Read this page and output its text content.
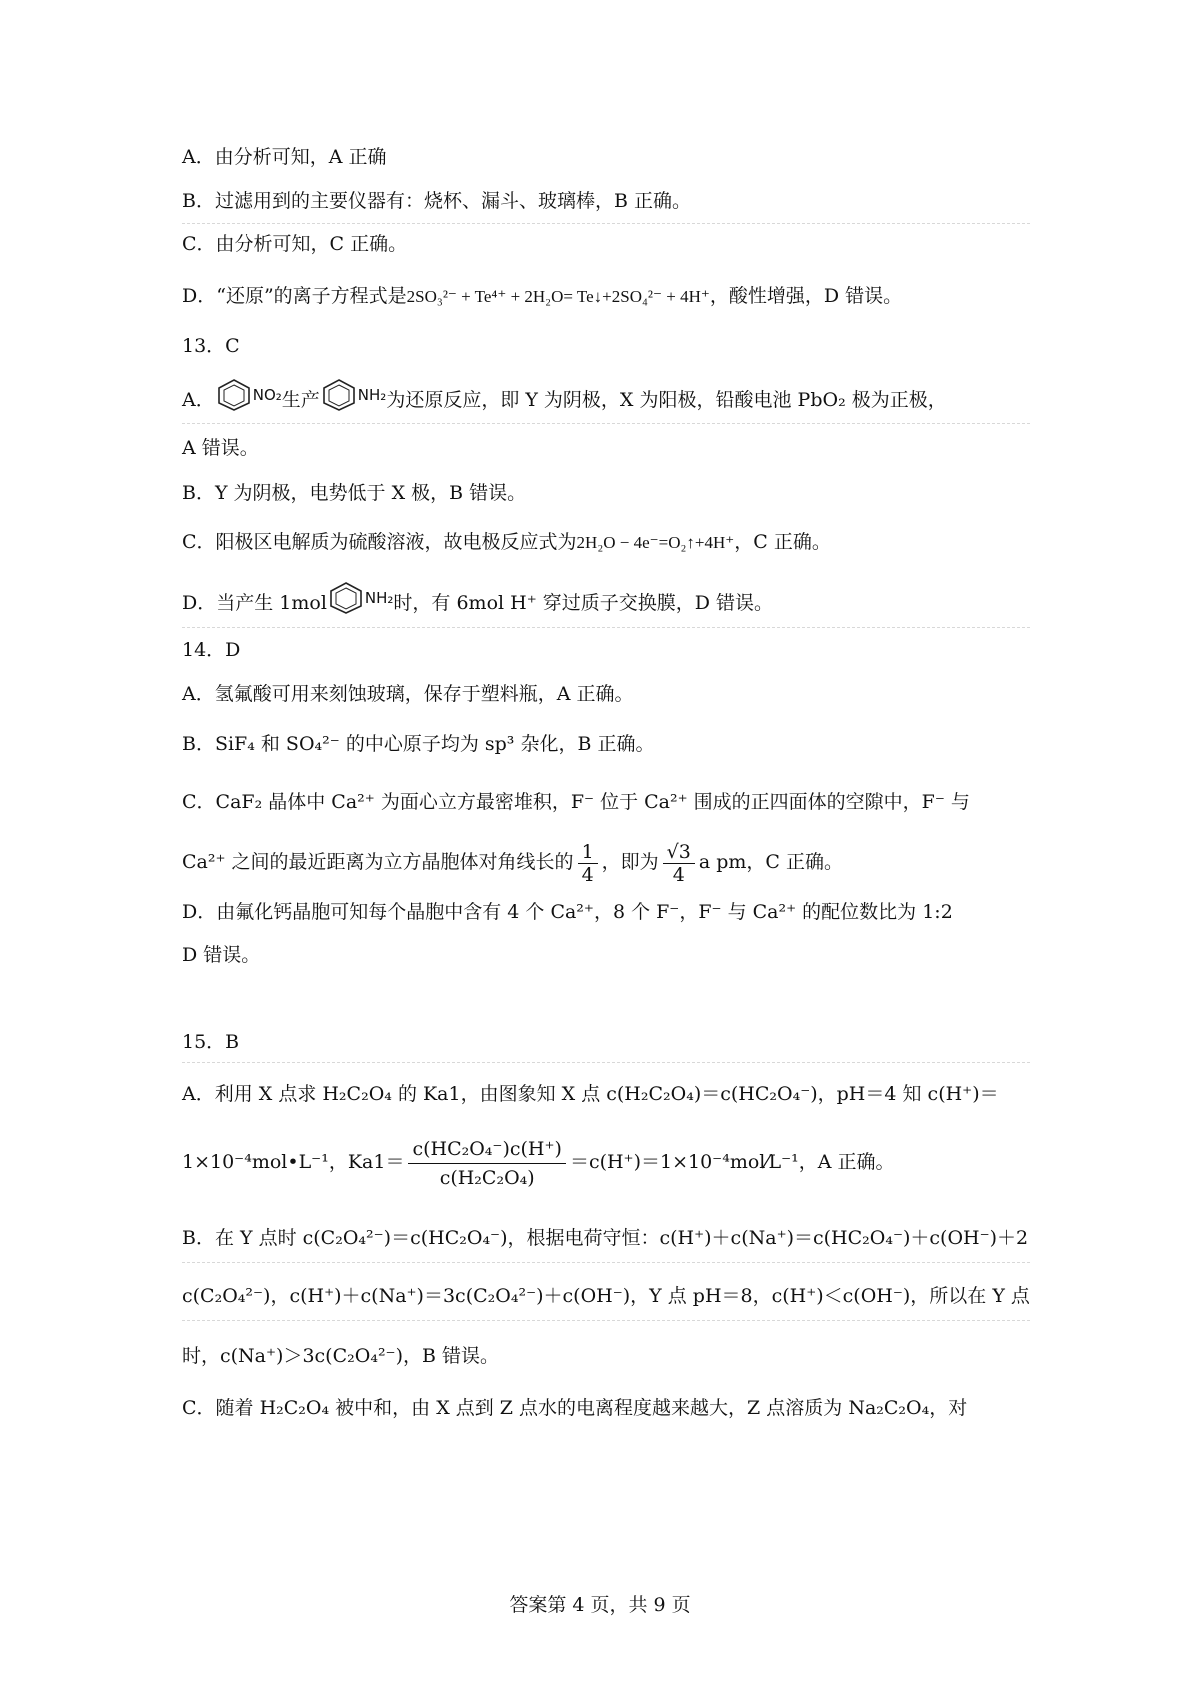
A．由分析可知，A 正确
B．过滤用到的主要仪器有：烧杯、漏斗、玻璃棒，B 正确。
C．由分析可知，C 正确。
D．“还原”的离子方程式是2SO₃²⁻ + Te⁴⁺ + 2H₂O= Te↓+2SO₄²⁻ + 4H⁺，酸性增强，D 错误。
13．C
A．	$^{NO_2}$生产	$^{NH_2}$为还原反应，即 Y 为阴极，X 为阳极，铅酸电池 PbO₂ 极为正极，
A 错误。
B．Y 为阴极，电势低于 X 极，B 错误。
C．阳极区电解质为硫酸溶液，故电极反应式为2H₂O − 4e⁻=O₂↑+4H⁺，C 正确。
D．当产生 1mol	$^{NH_2}$时，有 6mol H⁺ 穿过质子交换膜，D 错误。
14．D
A．氢氟酸可用来刻蚀玻璃，保存于塑料瓶，A 正确。
B．SiF₄ 和 SO₄²⁻ 的中心原子均为 sp³ 杂化，B 正确。
C．CaF₂ 晶体中 Ca²⁺ 为面心立方最密堆积，F⁻ 位于 Ca²⁺ 围成的正四面体的空隙中，F⁻ 与
Ca²⁺ 之间的最近距离为立方晶胞体对角线长的 $\frac{1}{4}$ ，即为 $\frac{√3}{4}$ a pm，C 正确。
D．由氟化钙晶胞可知每个晶胞中含有 4 个 Ca²⁺，8 个 F⁻，F⁻ 与 Ca²⁺ 的配位数比为 1:2
D 错误。
15．B
A．利用 X 点求 H₂C₂O₄ 的 Ka1，由图象知 X 点 c(H₂C₂O₄)＝c(HC₂O₄⁻)，pH＝4 知 c(H⁺)＝
1×10⁻⁴mol•L⁻¹，$Ka1= \frac{\text{c(HC₂O₄⁻)c(H⁺)}}{\text{c(H₂C₂O₄)}}$ ＝c(H⁺)＝1×10⁻⁴mol⁄L⁻¹，A 正确。
B．在 Y 点时 c(C₂O₄²⁻)＝c(HC₂O₄⁻)，根据电荷守恒：c(H⁺)＋c(Na⁺)＝c(HC₂O₄⁻)＋c(OH⁻)＋2
c(C₂O₄²⁻)，c(H⁺)＋c(Na⁺)＝3c(C₂O₄²⁻)＋c(OH⁻)，Y 点 pH＝8，c(H⁺)＜c(OH⁻)，所以在 Y 点
时，c(Na⁺)＞3c(C₂O₄²⁻)，B 错误。
C．随着 H₂C₂O₄ 被中和，由 X 点到 Z 点水的电离程度越来越大，Z 点溶质为 Na₂C₂O₄，对
答案第 4 页，共 9 页
